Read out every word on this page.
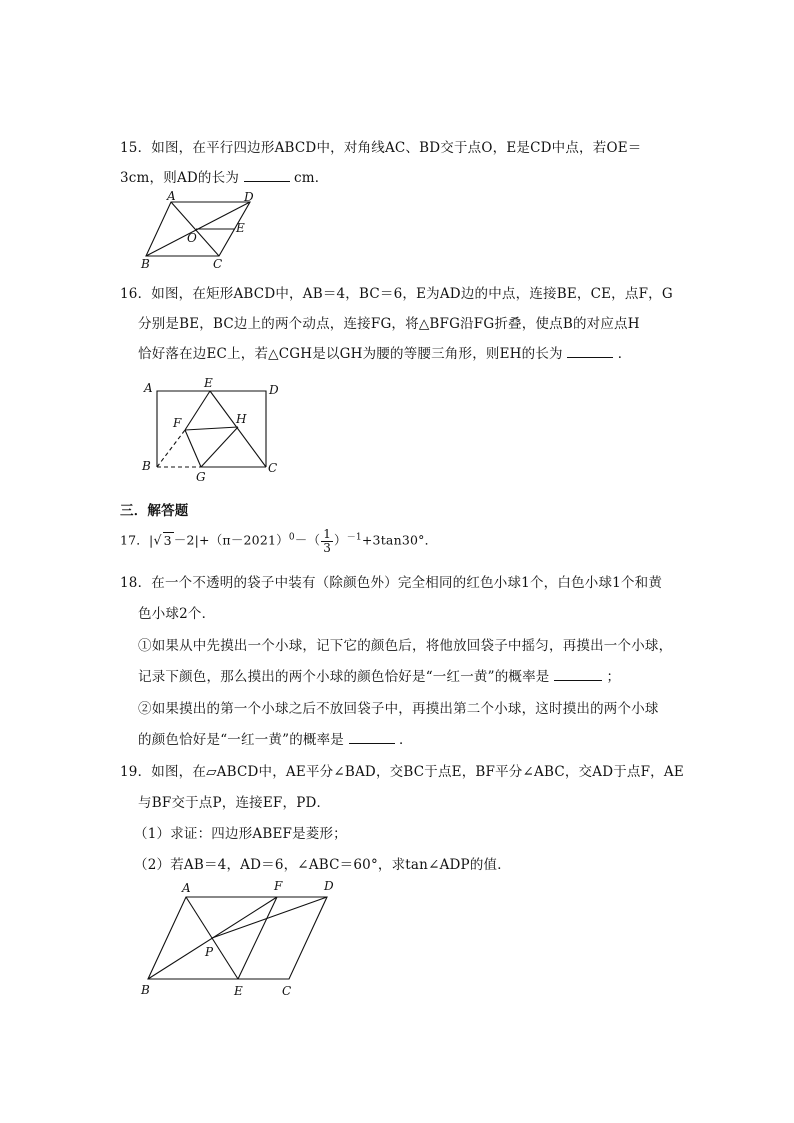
15．如图，在平行四边形ABCD中，对角线AC、BD交于点O，E是CD中点，若OE＝
3cm，则AD的长为	cm．
A	D
O
E
B	C
16．如图，在矩形ABCD中，AB＝4，BC＝6，E为AD边的中点，连接BE，CE，点F，G
分别是BE，BC边上的两个动点，连接FG，将△BFG沿FG折叠，使点B的对应点H
恰好落在边EC上，若△CGH是以GH为腰的等腰三角形，则EH的长为	．
A	E	D
F	H
B
G
C
三．解答题
17．|√ $3 -2|+(\pi-2021)^0-( \frac{1}{3} )^{-1}+3\tan 30^\circ$．
18．在一个不透明的袋子中装有（除颜色外）完全相同的红色小球1个，白色小球1个和黄
色小球2个．
①如果从中先摸出一个小球，记下它的颜色后，将他放回袋子中摇匀，再摸出一个小球，
记录下颜色，那么摸出的两个小球的颜色恰好是“一红一黄”的概率是	；
②如果摸出的第一个小球之后不放回袋子中，再摸出第二个小球，这时摸出的两个小球
的颜色恰好是“一红一黄”的概率是	．
19．如图，在▱ABCD中，AE平分∠BAD，交BC于点E，BF平分∠ABC，交AD于点F，AE
与BF交于点P，连接EF，PD．
（1）求证：四边形ABEF是菱形；
（2）若AB＝4，AD＝6，∠ABC＝60°，求tan∠ADP的值．
A	F	D
P
B	E	C
